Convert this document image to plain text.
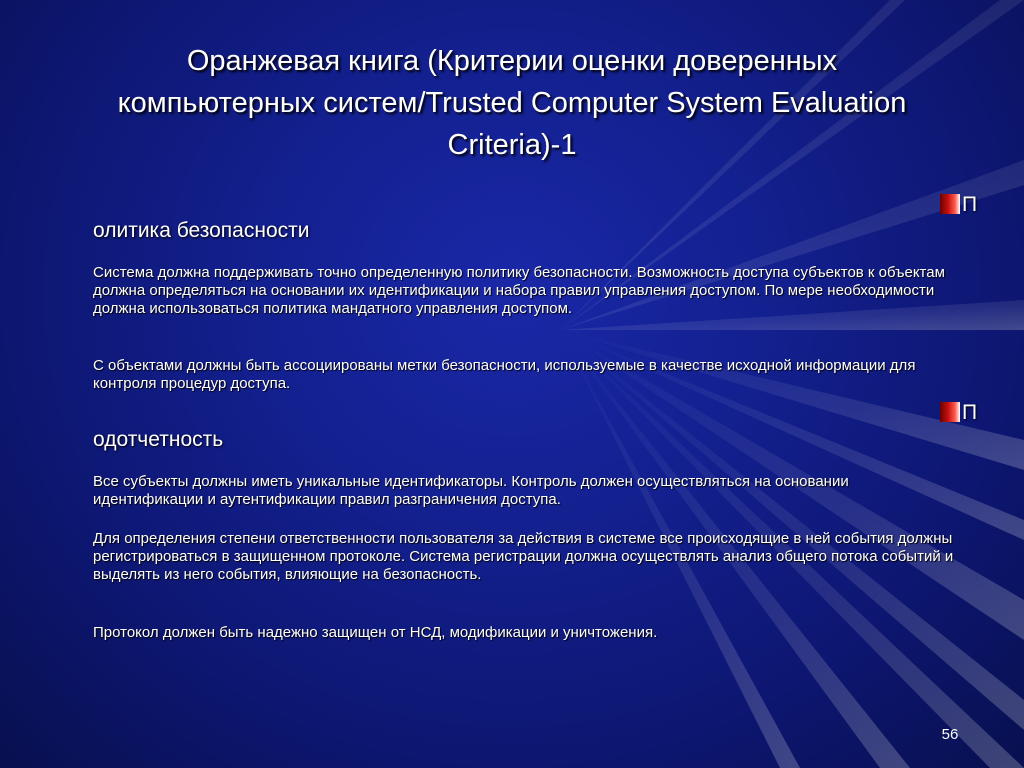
Оранжевая книга (Критерии оценки доверенных компьютерных систем/Trusted Computer System Evaluation Criteria)-1
П
олитика безопасности

Система должна поддерживать точно определенную политику безопасности. Возможность доступа субъектов к объектам должна определяться на основании их идентификации и набора правил управления доступом. По мере необходимости должна использоваться политика мандатного управления доступом.

С объектами должны быть ассоциированы метки безопасности, используемые в качестве исходной информации для контроля процедур доступа.

П
одотчетность

Все субъекты должны иметь уникальные идентификаторы. Контроль должен осуществляться на основании идентификации и аутентификации правил разграничения доступа.

Для определения степени ответственности пользователя за действия в системе все происходящие в ней события должны регистрироваться в защищенном протоколе. Система регистрации должна осуществлять анализ общего потока событий и выделять из него события, влияющие на безопасность.

Протокол должен быть надежно защищен от НСД, модификации и уничтожения.

56
